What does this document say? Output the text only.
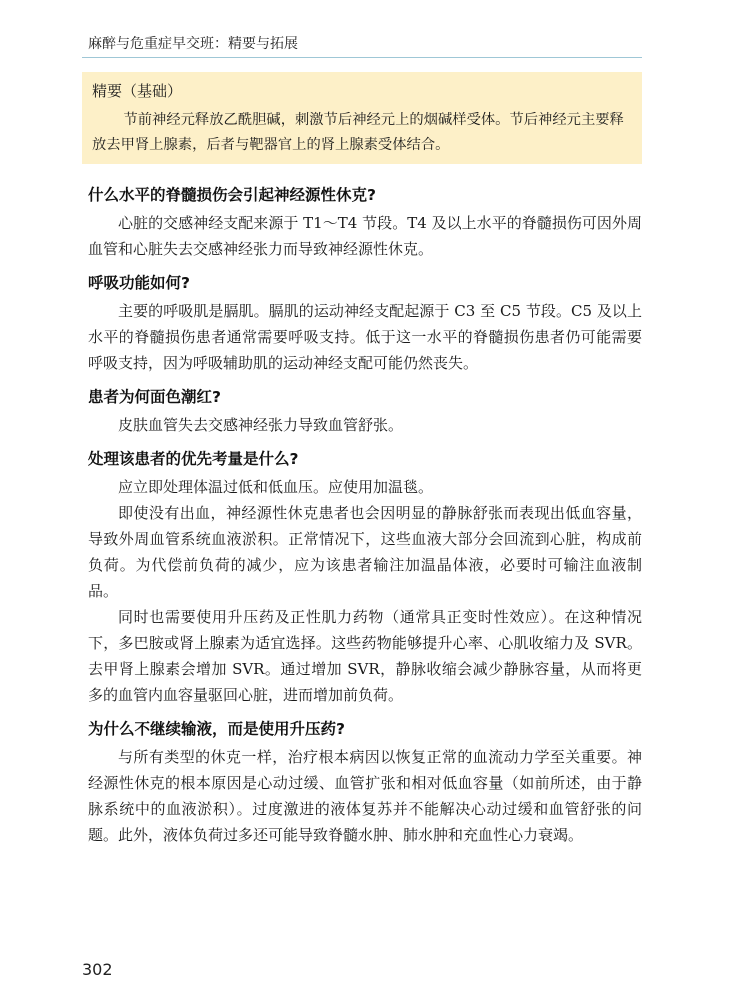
麻醉与危重症早交班：精要与拓展
精要（基础）
节前神经元释放乙酰胆碱，刺激节后神经元上的烟碱样受体。节后神经元主要释放去甲肾上腺素，后者与靶器官上的肾上腺素受体结合。
什么水平的脊髓损伤会引起神经源性休克?

心脏的交感神经支配来源于 T1～T4 节段。T4 及以上水平的脊髓损伤可因外周血管和心脏失去交感神经张力而导致神经源性休克。

呼吸功能如何?

主要的呼吸肌是膈肌。膈肌的运动神经支配起源于 C3 至 C5 节段。C5 及以上水平的脊髓损伤患者通常需要呼吸支持。低于这一水平的脊髓损伤患者仍可能需要呼吸支持，因为呼吸辅助肌的运动神经支配可能仍然丧失。

患者为何面色潮红?

皮肤血管失去交感神经张力导致血管舒张。

处理该患者的优先考量是什么?

应立即处理体温过低和低血压。应使用加温毯。

即使没有出血，神经源性休克患者也会因明显的静脉舒张而表现出低血容量，导致外周血管系统血液淤积。正常情况下，这些血液大部分会回流到心脏，构成前负荷。为代偿前负荷的减少，应为该患者输注加温晶体液，必要时可输注血液制品。

同时也需要使用升压药及正性肌力药物（通常具正变时性效应）。在这种情况下，多巴胺或肾上腺素为适宜选择。这些药物能够提升心率、心肌收缩力及 SVR。去甲肾上腺素会增加 SVR。通过增加 SVR，静脉收缩会减少静脉容量，从而将更多的血管内血容量驱回心脏，进而增加前负荷。

为什么不继续输液，而是使用升压药?

与所有类型的休克一样，治疗根本病因以恢复正常的血流动力学至关重要。神经源性休克的根本原因是心动过缓、血管扩张和相对低血容量（如前所述，由于静脉系统中的血液淤积）。过度激进的液体复苏并不能解决心动过缓和血管舒张的问题。此外，液体负荷过多还可能导致脊髓水肿、肺水肿和充血性心力衰竭。

302
